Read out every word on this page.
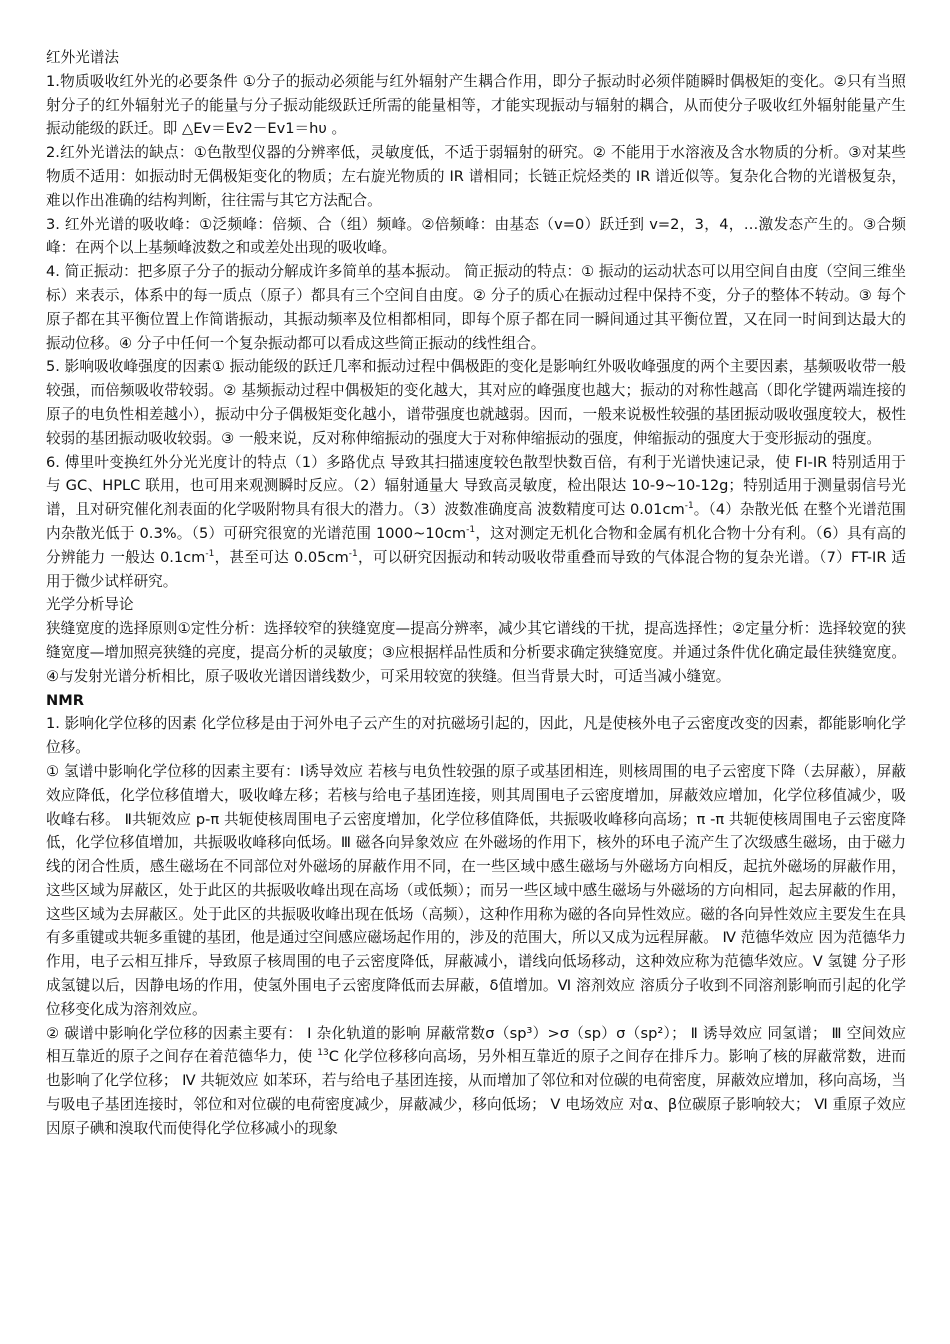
红外光谱法

1.物质吸收红外光的必要条件 ①分子的振动必须能与红外辐射产生耦合作用，即分子振动时必须伴随瞬时偶极矩的变化。②只有当照射分子的红外辐射光子的能量与分子振动能级跃迁所需的能量相等，才能实现振动与辐射的耦合，从而使分子吸收红外辐射能量产生振动能级的跃迁。即 △Ev＝Ev2－Ev1＝hυ 。

2.红外光谱法的缺点：①色散型仪器的分辨率低，灵敏度低，不适于弱辐射的研究。② 不能用于水溶液及含水物质的分析。③对某些物质不适用：如振动时无偶极矩变化的物质；左右旋光物质的 IR 谱相同；长链正烷烃类的 IR 谱近似等。复杂化合物的光谱极复杂，难以作出准确的结构判断，往往需与其它方法配合。

3. 红外光谱的吸收峰：①泛频峰：倍频、合（组）频峰。②倍频峰：由基态（v=0）跃迁到 v=2，3，4，…激发态产生的。③合频峰：在两个以上基频峰波数之和或差处出现的吸收峰。

4. 简正振动：把多原子分子的振动分解成许多简单的基本振动。 简正振动的特点：① 振动的运动状态可以用空间自由度（空间三维坐标）来表示，体系中的每一质点（原子）都具有三个空间自由度。② 分子的质心在振动过程中保持不变，分子的整体不转动。③ 每个原子都在其平衡位置上作简谐振动，其振动频率及位相都相同，即每个原子都在同一瞬间通过其平衡位置，又在同一时间到达最大的振动位移。④ 分子中任何一个复杂振动都可以看成这些简正振动的线性组合。

5. 影响吸收峰强度的因素① 振动能级的跃迁几率和振动过程中偶极距的变化是影响红外吸收峰强度的两个主要因素，基频吸收带一般较强，而倍频吸收带较弱。② 基频振动过程中偶极矩的变化越大，其对应的峰强度也越大；振动的对称性越高（即化学键两端连接的原子的电负性相差越小），振动中分子偶极矩变化越小，谱带强度也就越弱。因而，一般来说极性较强的基团振动吸收强度较大，极性较弱的基团振动吸收较弱。③ 一般来说，反对称伸缩振动的强度大于对称伸缩振动的强度，伸缩振动的强度大于变形振动的强度。

6. 傅里叶变换红外分光光度计的特点（1）多路优点 导致其扫描速度较色散型快数百倍，有利于光谱快速记录，使 FI-IR 特别适用于与 GC、HPLC 联用，也可用来观测瞬时反应。（2）辐射通量大 导致高灵敏度，检出限达 10-9~10-12g；特别适用于测量弱信号光谱，且对研究催化剂表面的化学吸附物具有很大的潜力。（3）波数准确度高 波数精度可达 $0.01cm^{-1}$。（4）杂散光低 在整个光谱范围内杂散光低于 0.3%。（5）可研究很宽的光谱范围 $1000\sim 10cm^{-1}$，这对测定无机化合物和金属有机化合物十分有利。（6）具有高的分辨能力 一般达 $0.1cm^{-1}$，甚至可达 $0.05cm^{-1}$，可以研究因振动和转动吸收带重叠而导致的气体混合物的复杂光谱。（7）FT-IR 适用于微少试样研究。

光学分析导论

狭缝宽度的选择原则①定性分析：选择较窄的狭缝宽度—提高分辨率，减少其它谱线的干扰，提高选择性；②定量分析：选择较宽的狭缝宽度—增加照亮狭缝的亮度，提高分析的灵敏度；③应根据样品性质和分析要求确定狭缝宽度。并通过条件优化确定最佳狭缝宽度。④与发射光谱分析相比，原子吸收光谱因谱线数少，可采用较宽的狭缝。但当背景大时，可适当减小缝宽。

NMR

1. 影响化学位移的因素 化学位移是由于河外电子云产生的对抗磁场引起的，因此，凡是使核外电子云密度改变的因素，都能影响化学位移。

① 氢谱中影响化学位移的因素主要有：Ⅰ诱导效应 若核与电负性较强的原子或基团相连，则核周围的电子云密度下降（去屏蔽），屏蔽效应降低，化学位移值增大，吸收峰左移；若核与给电子基团连接，则其周围电子云密度增加，屏蔽效应增加，化学位移值减少，吸收峰右移。 Ⅱ共轭效应 p-π 共轭使核周围电子云密度增加，化学位移值降低，共振吸收峰移向高场；π -π 共轭使核周围电子云密度降低，化学位移值增加，共振吸收峰移向低场。Ⅲ 磁各向异象效应 在外磁场的作用下，核外的环电子流产生了次级感生磁场，由于磁力线的闭合性质，感生磁场在不同部位对外磁场的屏蔽作用不同，在一些区域中感生磁场与外磁场方向相反，起抗外磁场的屏蔽作用，这些区域为屏蔽区，处于此区的共振吸收峰出现在高场（或低频）；而另一些区域中感生磁场与外磁场的方向相同，起去屏蔽的作用，这些区域为去屏蔽区。处于此区的共振吸收峰出现在低场（高频），这种作用称为磁的各向异性效应。磁的各向异性效应主要发生在具有多重键或共轭多重键的基团，他是通过空间感应磁场起作用的，涉及的范围大，所以又成为远程屏蔽。 Ⅳ 范德华效应 因为范德华力作用，电子云相互排斥，导致原子核周围的电子云密度降低，屏蔽减小，谱线向低场移动，这种效应称为范德华效应。Ⅴ 氢键 分子形成氢键以后，因静电场的作用，使氢外围电子云密度降低而去屏蔽，δ值增加。Ⅵ 溶剂效应 溶质分子收到不同溶剂影响而引起的化学位移变化成为溶剂效应。

② 碳谱中影响化学位移的因素主要有： Ⅰ 杂化轨道的影响 屏蔽常数σ（sp³）>σ（sp）σ（sp²）； Ⅱ 诱导效应 同氢谱； Ⅲ 空间效应 相互靠近的原子之间存在着范德华力，使 $^{13}$C 化学位移移向高场，另外相互靠近的原子之间存在排斥力。影响了核的屏蔽常数，进而也影响了化学位移； Ⅳ 共轭效应 如苯环，若与给电子基团连接，从而增加了邻位和对位碳的电荷密度，屏蔽效应增加，移向高场，当与吸电子基团连接时，邻位和对位碳的电荷密度减少，屏蔽减少，移向低场； Ⅴ 电场效应 对α、β位碳原子影响较大； Ⅵ 重原子效应 因原子碘和溴取代而使得化学位移减小的现象
